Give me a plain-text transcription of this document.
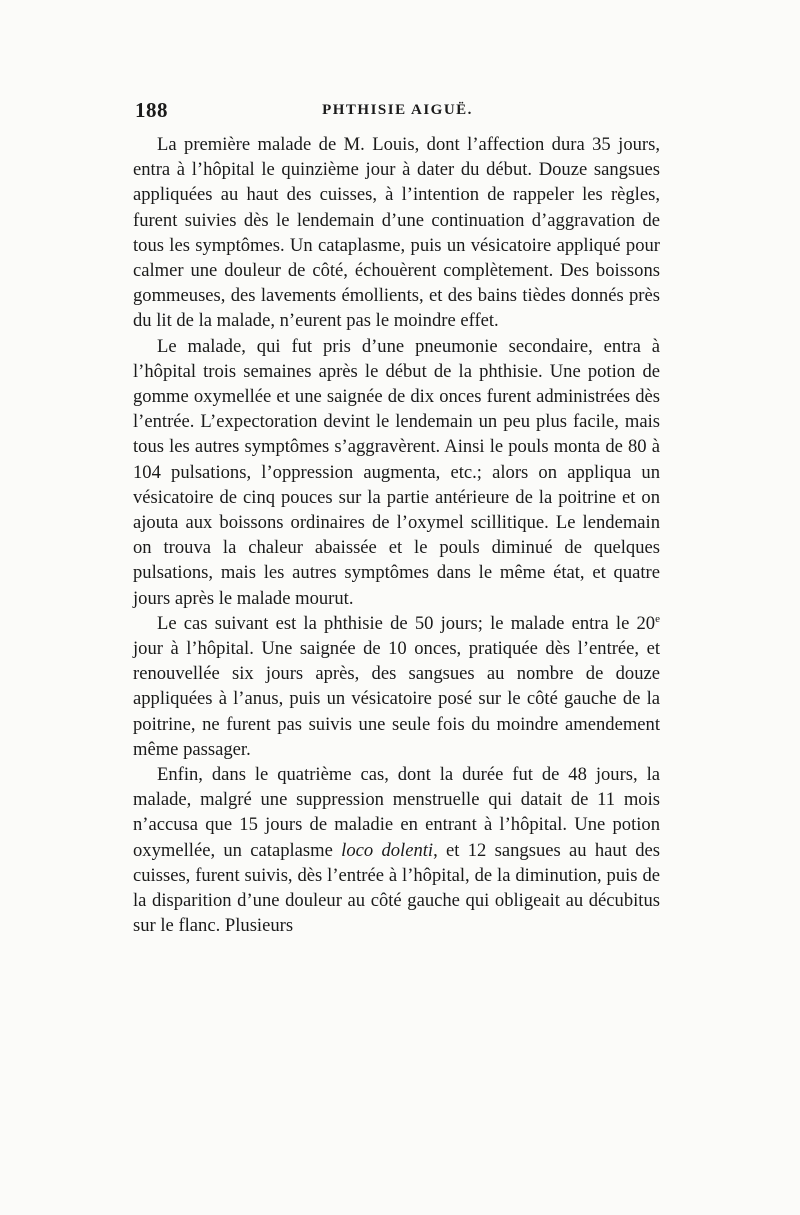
188	PHTHISIE AIGUË.

La première malade de M. Louis, dont l’affection dura 35 jours, entra à l’hôpital le quinzième jour à dater du début. Douze sangsues appliquées au haut des cuisses, à l’intention de rappeler les règles, furent suivies dès le lendemain d’une continuation d’aggravation de tous les symptômes. Un cataplasme, puis un vésicatoire appliqué pour calmer une douleur de côté, échouèrent complètement. Des boissons gommeuses, des lavements émollients, et des bains tièdes donnés près du lit de la malade, n’eurent pas le moindre effet.

Le malade, qui fut pris d’une pneumonie secondaire, entra à l’hôpital trois semaines après le début de la phthisie. Une potion de gomme oxymellée et une saignée de dix onces furent administrées dès l’entrée. L’expectoration devint le lendemain un peu plus facile, mais tous les autres symptômes s’aggravèrent. Ainsi le pouls monta de 80 à 104 pulsations, l’oppression augmenta, etc.; alors on appliqua un vésicatoire de cinq pouces sur la partie antérieure de la poitrine et on ajouta aux boissons ordinaires de l’oxymel scillitique. Le lendemain on trouva la chaleur abaissée et le pouls diminué de quelques pulsations, mais les autres symptômes dans le même état, et quatre jours après le malade mourut.

Le cas suivant est la phthisie de 50 jours; le malade entra le 20e jour à l’hôpital. Une saignée de 10 onces, pratiquée dès l’entrée, et renouvellée six jours après, des sangsues au nombre de douze appliquées à l’anus, puis un vésicatoire posé sur le côté gauche de la poitrine, ne furent pas suivis une seule fois du moindre amendement même passager.

Enfin, dans le quatrième cas, dont la durée fut de 48 jours, la malade, malgré une suppression menstruelle qui datait de 11 mois n’accusa que 15 jours de maladie en entrant à l’hôpital. Une potion oxymellée, un cataplasme loco dolenti, et 12 sangsues au haut des cuisses, furent suivis, dès l’entrée à l’hôpital, de la diminution, puis de la disparition d’une douleur au côté gauche qui obligeait au décubitus sur le flanc. Plusieurs
